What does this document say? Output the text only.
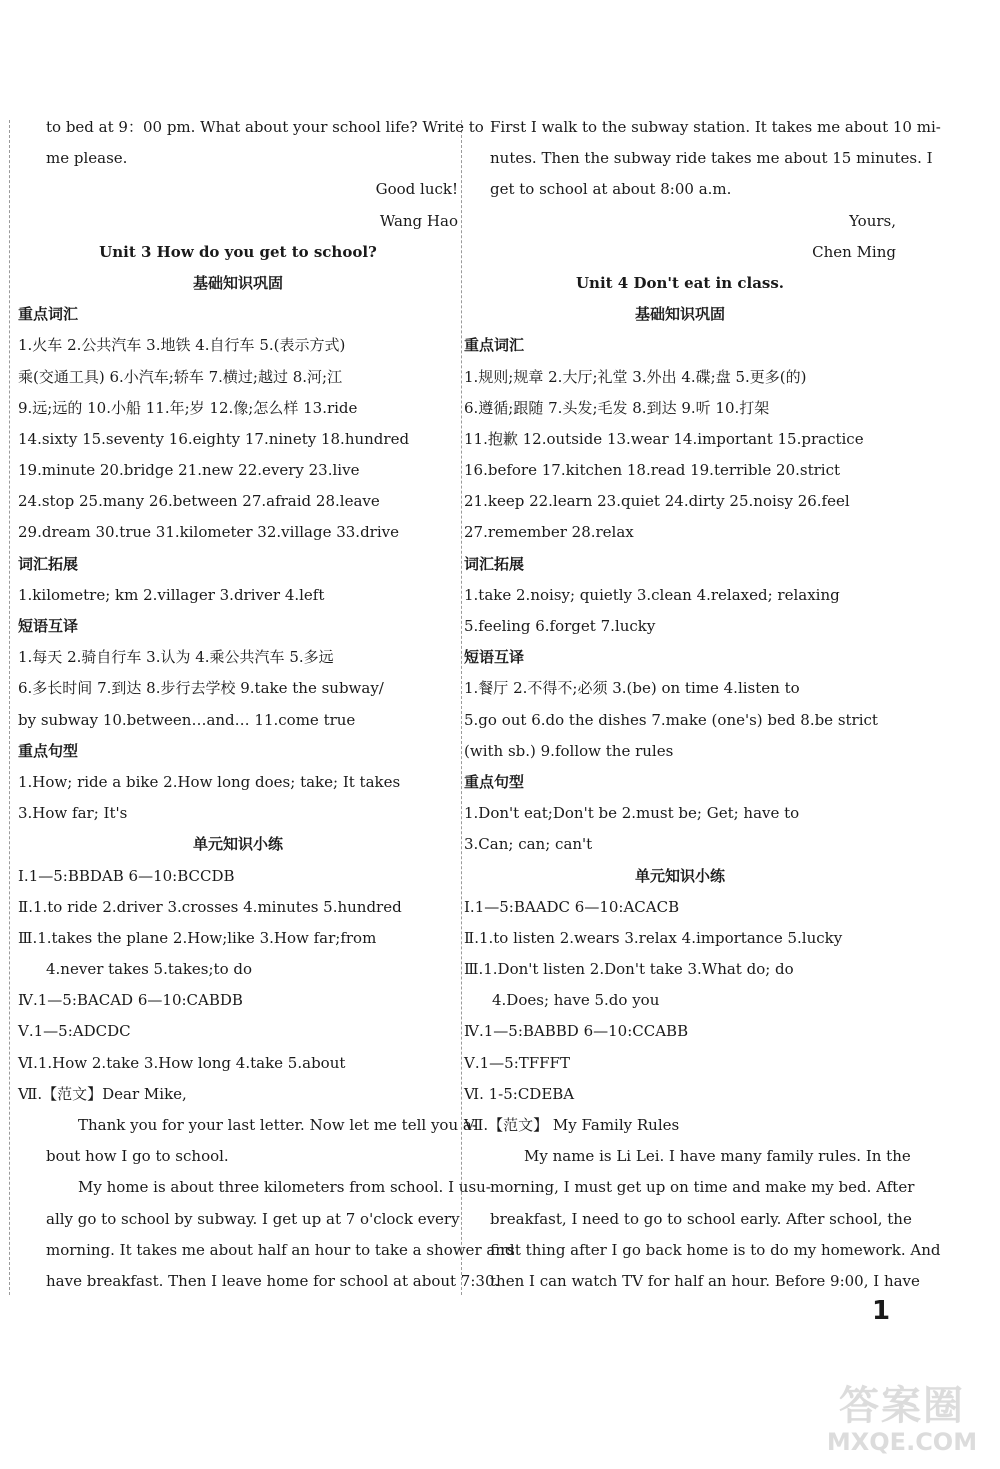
to bed at 9：00 pm. What about your school life? Write to
me please.
Good luck!
Wang Hao
Unit 3 How do you get to school?
基础知识巩固
重点词汇
1.火车 2.公共汽车 3.地铁 4.自行车 5.(表示方式)
乘(交通工具) 6.小汽车;轿车 7.横过;越过 8.河;江
9.远;远的 10.小船 11.年;岁 12.像;怎么样 13.ride
14.sixty 15.seventy 16.eighty 17.ninety 18.hundred
19.minute 20.bridge 21.new 22.every 23.live
24.stop 25.many 26.between 27.afraid 28.leave
29.dream 30.true 31.kilometer 32.village 33.drive
词汇拓展
1.kilometre; km 2.villager 3.driver 4.left
短语互译
1.每天 2.骑自行车 3.认为 4.乘公共汽车 5.多远
6.多长时间 7.到达 8.步行去学校 9.take the subway/
by subway 10.between…and… 11.come true
重点句型
1.How; ride a bike 2.How long does; take; It takes
3.How far; It's
单元知识小练
Ⅰ.1—5:BBDAB 6—10:BCCDB
Ⅱ.1.to ride 2.driver 3.crosses 4.minutes 5.hundred
Ⅲ.1.takes the plane 2.How;like 3.How far;from
4.never takes 5.takes;to do
Ⅳ.1—5:BACAD 6—10:CABDB
Ⅴ.1—5:ADCDC
Ⅵ.1.How 2.take 3.How long 4.take 5.about
Ⅶ.【范文】Dear Mike,
Thank you for your last letter. Now let me tell you a-
bout how I go to school.
My home is about three kilometers from school. I usu-
ally go to school by subway. I get up at 7 o'clock every
morning. It takes me about half an hour to take a shower and
have breakfast. Then I leave home for school at about 7:30.
First I walk to the subway station. It takes me about 10 mi-
nutes. Then the subway ride takes me about 15 minutes. I
get to school at about 8:00 a.m.
Yours,
Chen Ming
Unit 4 Don't eat in class.
基础知识巩固
重点词汇
1.规则;规章 2.大厅;礼堂 3.外出 4.碟;盘 5.更多(的)
6.遵循;跟随 7.头发;毛发 8.到达 9.听 10.打架
11.抱歉 12.outside 13.wear 14.important 15.practice
16.before 17.kitchen 18.read 19.terrible 20.strict
21.keep 22.learn 23.quiet 24.dirty 25.noisy 26.feel
27.remember 28.relax
词汇拓展
1.take 2.noisy; quietly 3.clean 4.relaxed; relaxing
5.feeling 6.forget 7.lucky
短语互译
1.餐厅 2.不得不;必须 3.(be) on time 4.listen to
5.go out 6.do the dishes 7.make (one's) bed 8.be strict
(with sb.) 9.follow the rules
重点句型
1.Don't eat;Don't be 2.must be; Get; have to
3.Can; can; can't
单元知识小练
Ⅰ.1—5:BAADC 6—10:ACACB
Ⅱ.1.to listen 2.wears 3.relax 4.importance 5.lucky
Ⅲ.1.Don't listen 2.Don't take 3.What do; do
4.Does; have 5.do you
Ⅳ.1—5:BABBD 6—10:CCABB
Ⅴ.1—5:TFFFT
Ⅵ. 1-5:CDEBA
Ⅶ.【范文】 My Family Rules
My name is Li Lei. I have many family rules. In the
morning, I must get up on time and make my bed. After
breakfast, I need to go to school early. After school, the
first thing after I go back home is to do my homework. And
then I can watch TV for half an hour. Before 9:00, I have
1
答案圈
MXQE.COM
